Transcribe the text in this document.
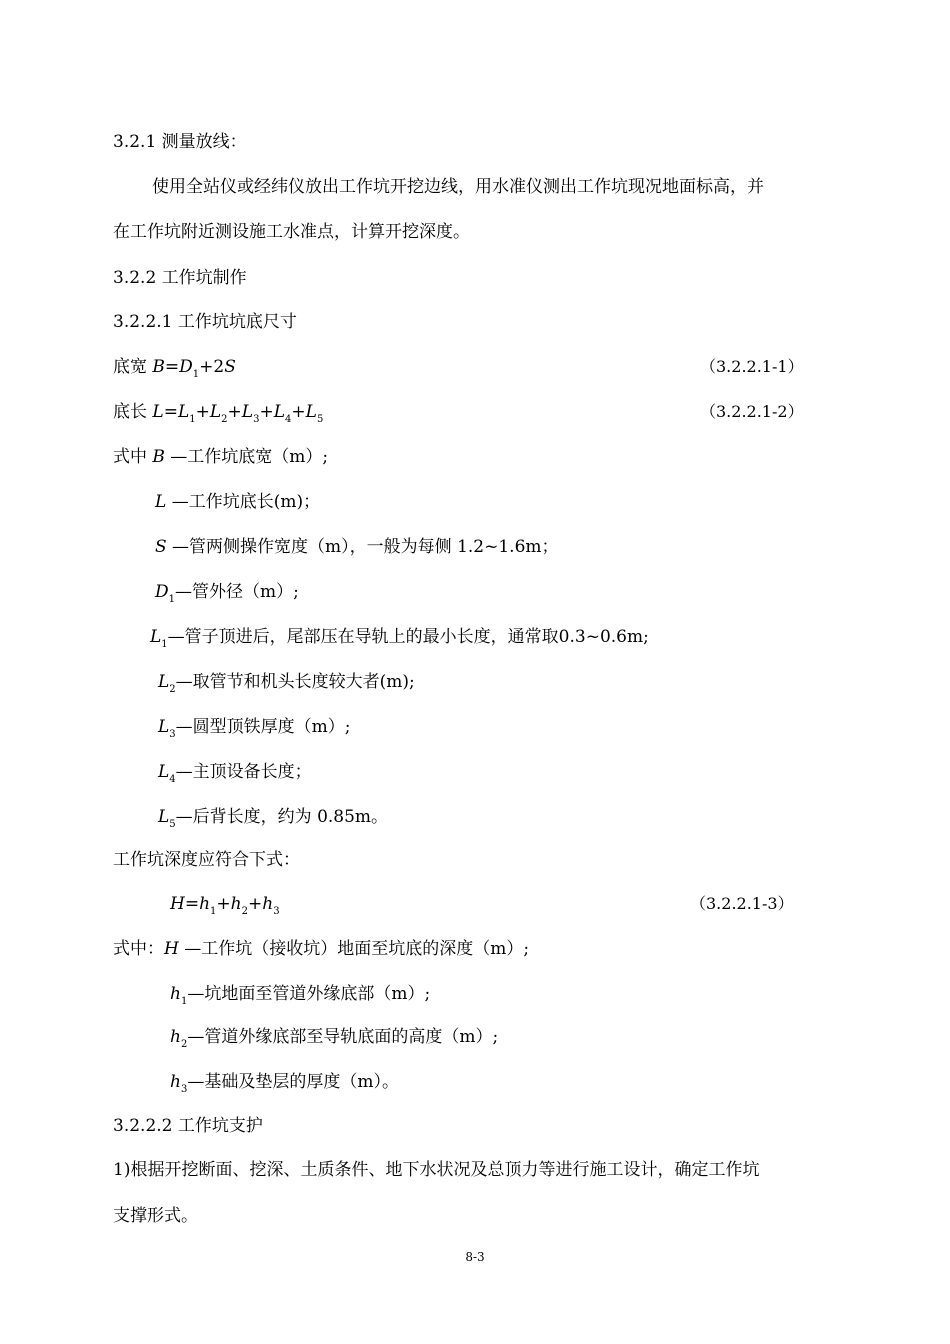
3.2.1 测量放线：
使用全站仪或经纬仪放出工作坑开挖边线，用水准仪测出工作坑现况地面标高，并
在工作坑附近测设施工水准点，计算开挖深度。
3.2.2 工作坑制作
3.2.2.1 工作坑坑底尺寸
底宽 $B=D_1+2S$	（3.2.2.1-1）
底长 $L=L_1+L_2+L_3+L_4+L_5$	（3.2.2.1-2）
式中 B —工作坑底宽（m）;
L —工作坑底长(m)；
S —管两侧操作宽度（m），一般为每侧 1.2~1.6m；
$D_1—$管外径（m）;
$L_1—$管子顶进后，尾部压在导轨上的最小长度，通常取0.3~0.6m;
$L_2—$取管节和机头长度较大者(m);
$L_3—$圆型顶铁厚度（m）;
$L_4—$主顶设备长度；
$L_5—$后背长度，约为 0.85m。
工作坑深度应符合下式：
$H=h_1+h_2+h_3$	（3.2.2.1-3）
式中：H —工作坑（接收坑）地面至坑底的深度（m）;
$h_1—$坑地面至管道外缘底部（m）;
$h_2—$管道外缘底部至导轨底面的高度（m）;
$h_3—$基础及垫层的厚度（m）。
3.2.2.2 工作坑支护
1)根据开挖断面、挖深、土质条件、地下水状况及总顶力等进行施工设计，确定工作坑
支撑形式。
8-3
